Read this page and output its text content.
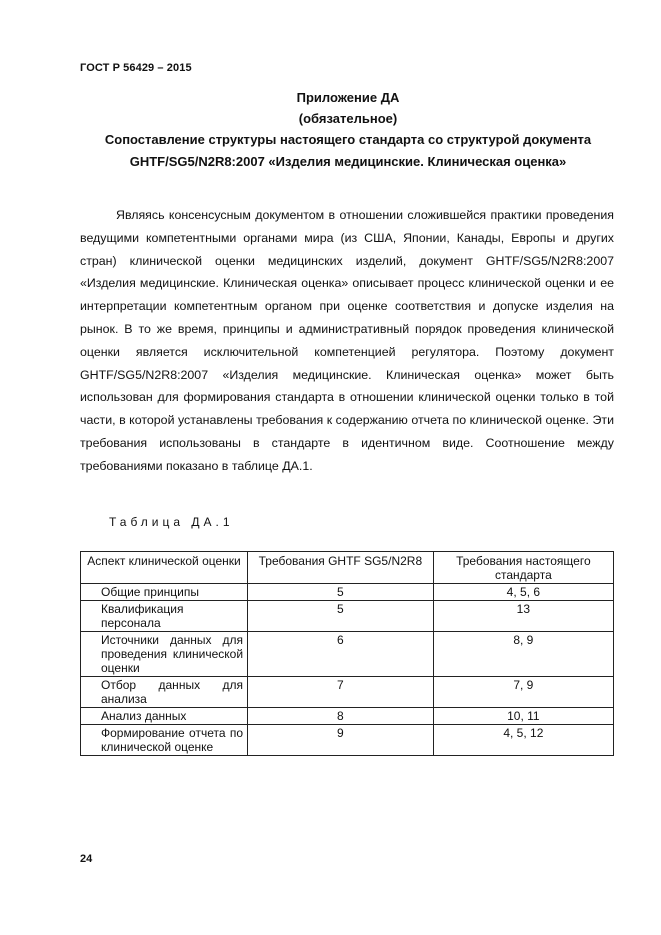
ГОСТ Р 56429 – 2015
Приложение ДА
(обязательное)
Сопоставление структуры настоящего стандарта со структурой документа
GHTF/SG5/N2R8:2007 «Изделия медицинские. Клиническая оценка»

Являясь консенсусным документом в отношении сложившейся практики проведения ведущими компетентными органами мира (из США, Японии, Канады, Европы и других стран) клинической оценки медицинских изделий, документ GHTF/SG5/N2R8:2007 «Изделия медицинские. Клиническая оценка» описывает процесс клинической оценки и ее интерпретации компетентным органом при оценке соответствия и допуске изделия на рынок. В то же время, принципы и административный порядок проведения клинической оценки является исключительной компетенцией регулятора. Поэтому документ GHTF/SG5/N2R8:2007 «Изделия медицинские. Клиническая оценка» может быть использован для формирования стандарта в отношении клинической оценки только в той части, в которой устанавлены требования к содержанию отчета по клинической оценке. Эти требования использованы в стандарте в идентичном виде. Соотношение между требованиями показано в таблице ДА.1.

Таблица ДА.1
Аспект клинической оценки	Требования GHTF SG5/N2R8	Требования настоящего стандарта
Общие принципы	5	4, 5, 6
Квалификация персонала	5	13
Источники данных для проведения клинической оценки	6	8, 9
Отбор данных для анализа	7	7, 9
Анализ данных	8	10, 11
Формирование отчета по клинической оценке	9	4, 5, 12
24
